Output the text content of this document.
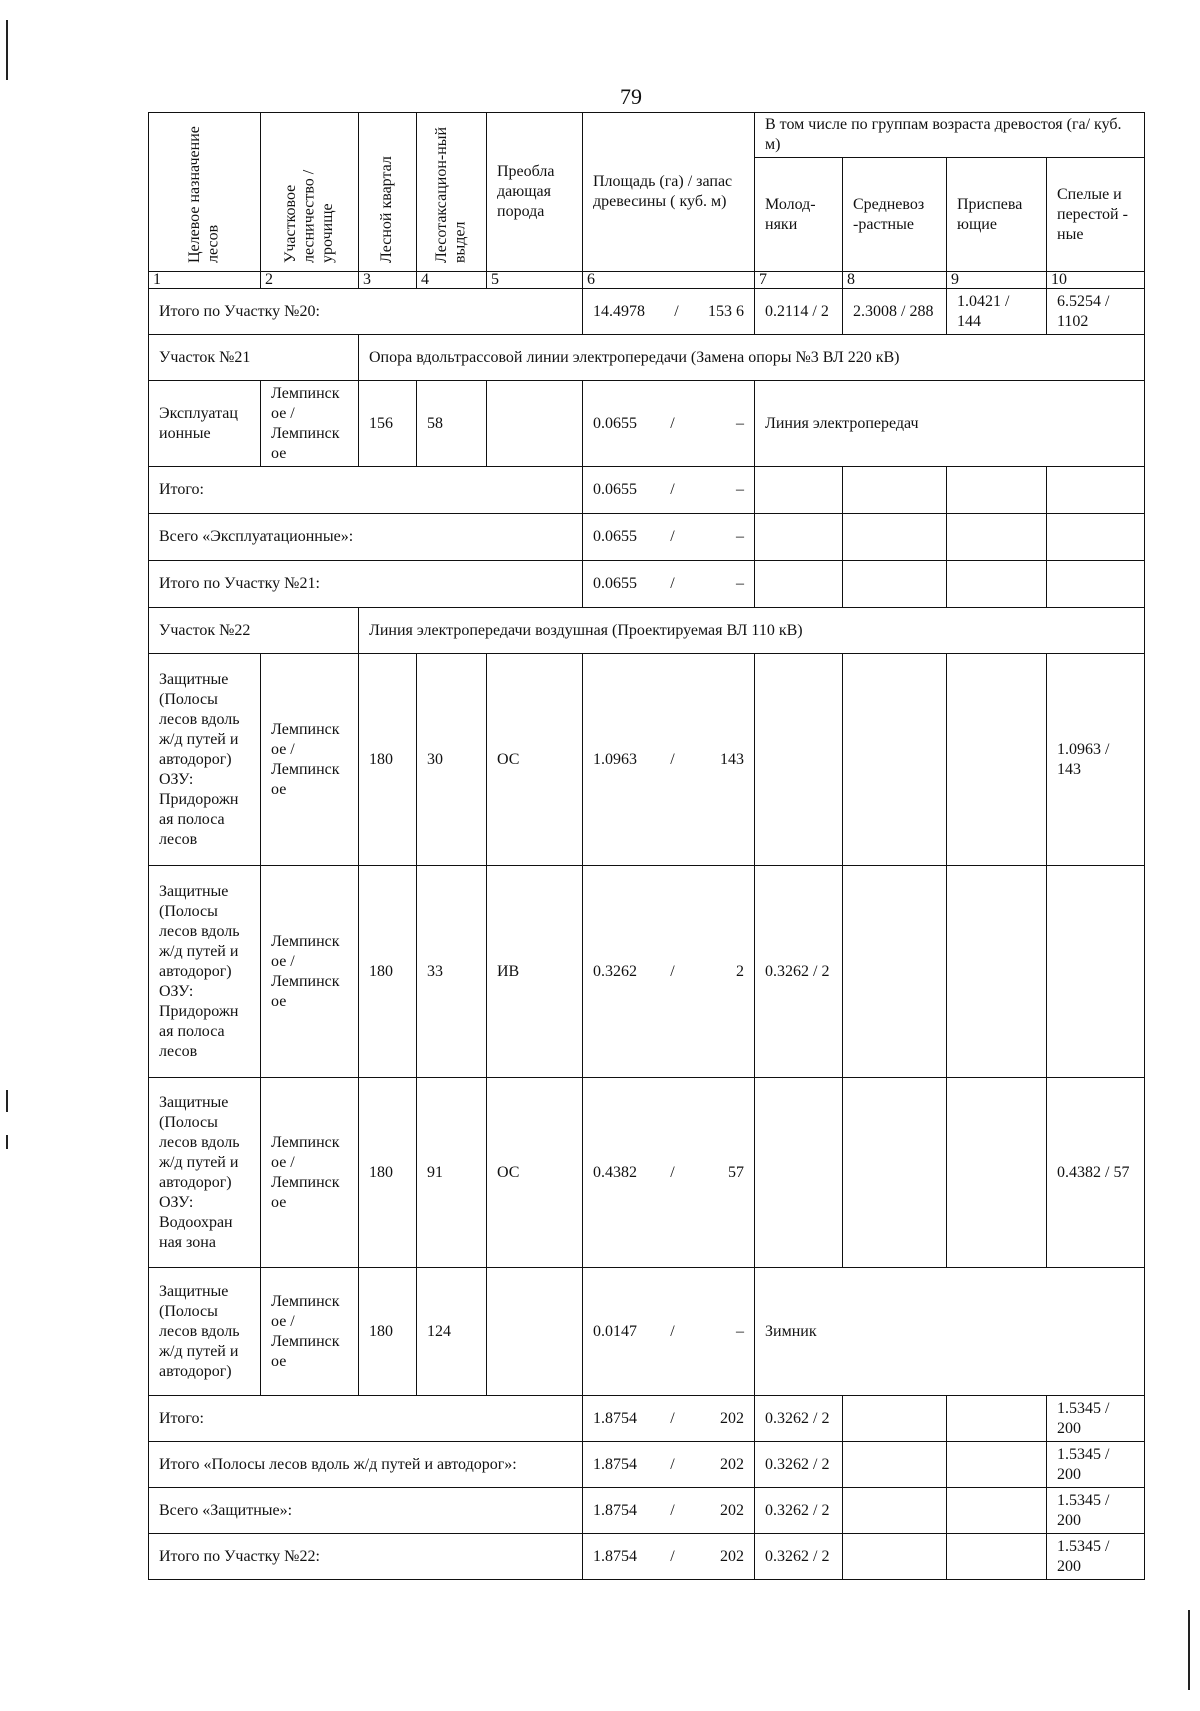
79
Целевое назначение лесов	Участковое лесничество / урочище	Лесной квартал	Лесотаксацион-ный выдел	Преобла дающая порода	Площадь (га) / запас древесины ( куб. м)	В том числе по группам возраста древостоя (га/ куб. м)			
						Молод-няки	Средневоз -растные	Приспева ющие	Спелые и перестой - ные
1	2	3	4	5	6	7	8	9	10
Итого по Участку №20:					14.4978 / 153 6	0.2114 / 2	2.3008 / 288	1.0421 / 144	6.5254 / 1102
Участок №21		Опора вдольтрассовой линии электропередачи (Замена опоры №3 ВЛ 220 кВ)							
Эксплуатац ионные	Лемпинск ое / Лемпинск ое	156	58		0.0655 / –	Линия электропередач			
Итого:					0.0655 / –				

Всего «Эксплуатационные»:					0.0655 / –				

Итого по Участку №21:					0.0655 / –				

Участок №22		Линия электропередачи воздушная (Проектируемая ВЛ 110 кВ)							
Защитные (Полосы лесов вдоль ж/д путей и автодорог) ОЗУ: Придорожн ая полоса лесов	Лемпинск ое / Лемпинск ое	180	30	ОС	1.0963 / 143				1.0963 / 143
Защитные (Полосы лесов вдоль ж/д путей и автодорог) ОЗУ: Придорожн ая полоса лесов	Лемпинск ое / Лемпинск ое	180	33	ИВ	0.3262 / 2	0.3262 / 2			
Защитные (Полосы лесов вдоль ж/д путей и автодорог) ОЗУ: Водоохран ная зона	Лемпинск ое / Лемпинск ое	180	91	ОС	0.4382 / 57				0.4382 / 57
Защитные (Полосы лесов вдоль ж/д путей и автодорог)	Лемпинск ое / Лемпинск ое	180	124		0.0147 / –	Зимник			
Итого:					1.8754 / 202	0.3262 / 2			1.5345 / 200
Итого «Полосы лесов вдоль ж/д путей и автодорог»:					1.8754 / 202	0.3262 / 2			1.5345 / 200
Всего «Защитные»:					1.8754 / 202	0.3262 / 2			1.5345 / 200
Итого по Участку №22:					1.8754 / 202	0.3262 / 2			1.5345 / 200
